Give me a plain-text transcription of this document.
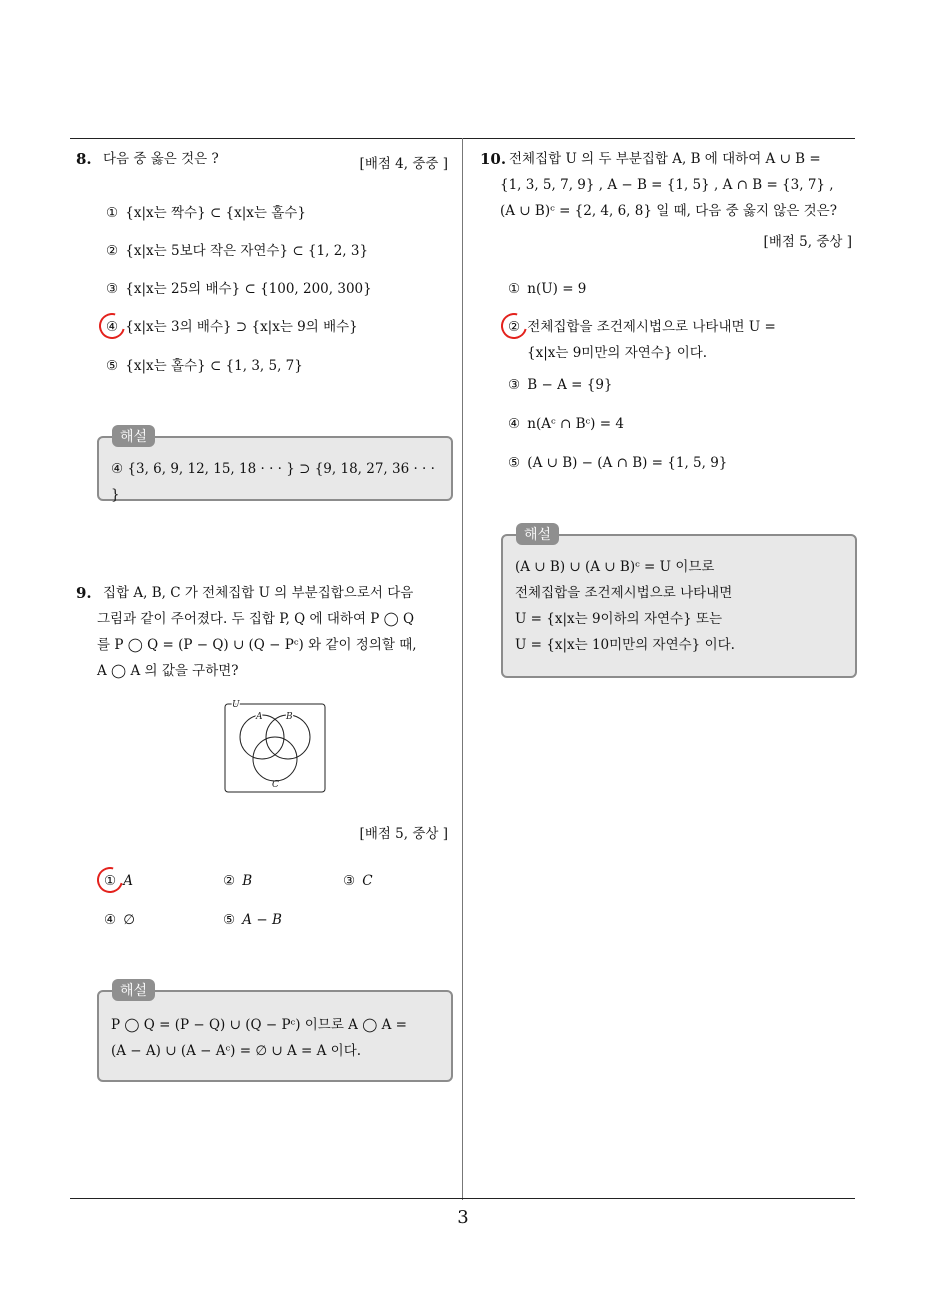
8. 다음 중 옳은 것은 ?	[배점 4, 중중 ]
① {x|x는 짝수} ⊂ {x|x는 홀수}
② {x|x는 5보다 작은 자연수} ⊂ {1, 2, 3}
③ {x|x는 25의 배수} ⊂ {100, 200, 300}
④ {x|x는 3의 배수} ⊃ {x|x는 9의 배수}
⑤ {x|x는 홀수} ⊂ {1, 3, 5, 7}
④ {3, 6, 9, 12, 15, 18 · · · } ⊃ {9, 18, 27, 36 · · · }
해설
9. 집합 A, B, C 가 전체집합 U 의 부분집합으로서 다음
그림과 같이 주어졌다. 두 집합 P, Q 에 대하여 P ◯ Q
를 P ◯ Q = (P − Q) ∪ (Q − Pᶜ) 와 같이 정의할 때,
A ◯ A 의 값을 구하면?
U
A	B
C
[배점 5, 중상 ]
① A	② B	③ C
④ ∅	⑤ A − B
P ◯ Q = (P − Q) ∪ (Q − Pᶜ) 이므로 A ◯ A =
(A − A) ∪ (A − Aᶜ) = ∅ ∪ A = A 이다.
해설
10. 전체집합 U 의 두 부분집합 A, B 에 대하여 A ∪ B =
{1, 3, 5, 7, 9} , A − B = {1, 5} , A ∩ B = {3, 7} ,
(A ∪ B)ᶜ = {2, 4, 6, 8} 일 때, 다음 중 옳지 않은 것은?
[배점 5, 중상 ]
① n(U) = 9
② 전체집합을 조건제시법으로 나타내면 U =
{x|x는 9미만의 자연수} 이다.
③ B − A = {9}
④ n(Aᶜ ∩ Bᶜ) = 4
⑤ (A ∪ B) − (A ∩ B) = {1, 5, 9}
(A ∪ B) ∪ (A ∪ B)ᶜ = U 이므로
전체집합을 조건제시법으로 나타내면
U = {x|x는 9이하의 자연수} 또는
U = {x|x는 10미만의 자연수} 이다.
해설
3
